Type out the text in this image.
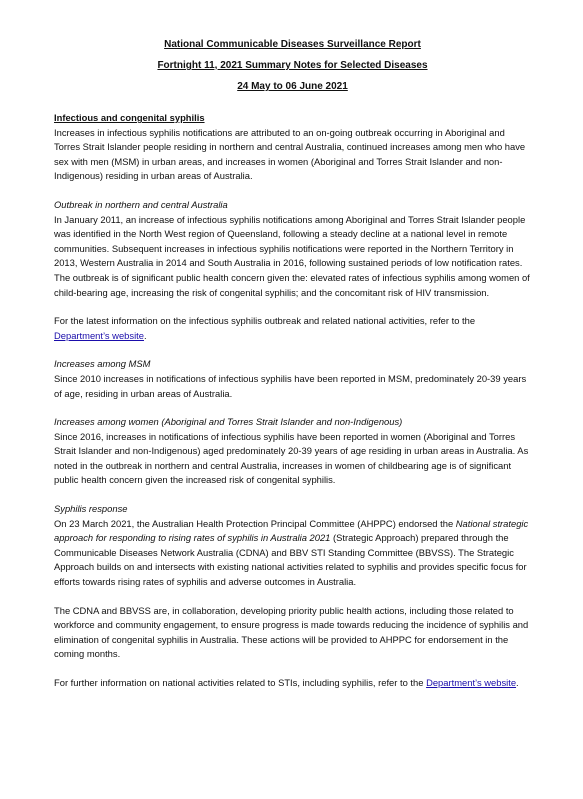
National Communicable Diseases Surveillance Report
Fortnight 11, 2021 Summary Notes for Selected Diseases
24 May to 06 June 2021
Infectious and congenital syphilis

Increases in infectious syphilis notifications are attributed to an on-going outbreak occurring in Aboriginal and Torres Strait Islander people residing in northern and central Australia, continued increases among men who have sex with men (MSM) in urban areas, and increases in women (Aboriginal and Torres Strait Islander and non-Indigenous) residing in urban areas of Australia.

Outbreak in northern and central Australia

In January 2011, an increase of infectious syphilis notifications among Aboriginal and Torres Strait Islander people was identified in the North West region of Queensland, following a steady decline at a national level in remote communities. Subsequent increases in infectious syphilis notifications were reported in the Northern Territory in 2013, Western Australia in 2014 and South Australia in 2016, following sustained periods of low notification rates. The outbreak is of significant public health concern given the: elevated rates of infectious syphilis among women of child-bearing age, increasing the risk of congenital syphilis; and the concomitant risk of HIV transmission.

For the latest information on the infectious syphilis outbreak and related national activities, refer to the Department’s website.

Increases among MSM

Since 2010 increases in notifications of infectious syphilis have been reported in MSM, predominately 20-39 years of age, residing in urban areas of Australia.

Increases among women (Aboriginal and Torres Strait Islander and non-Indigenous)

Since 2016, increases in notifications of infectious syphilis have been reported in women (Aboriginal and Torres Strait Islander and non-Indigenous) aged predominately 20-39 years of age residing in urban areas in Australia. As noted in the outbreak in northern and central Australia, increases in women of childbearing age is of significant public health concern given the increased risk of congenital syphilis.

Syphilis response

On 23 March 2021, the Australian Health Protection Principal Committee (AHPPC) endorsed the National strategic approach for responding to rising rates of syphilis in Australia 2021 (Strategic Approach) prepared through the Communicable Diseases Network Australia (CDNA) and BBV STI Standing Committee (BBVSS). The Strategic Approach builds on and intersects with existing national activities related to syphilis and provides specific focus for efforts towards rising rates of syphilis and adverse outcomes in Australia.

The CDNA and BBVSS are, in collaboration, developing priority public health actions, including those related to workforce and community engagement, to ensure progress is made towards reducing the incidence of syphilis and elimination of congenital syphilis in Australia. These actions will be provided to AHPPC for endorsement in the coming months.

For further information on national activities related to STIs, including syphilis, refer to the Department’s website.
